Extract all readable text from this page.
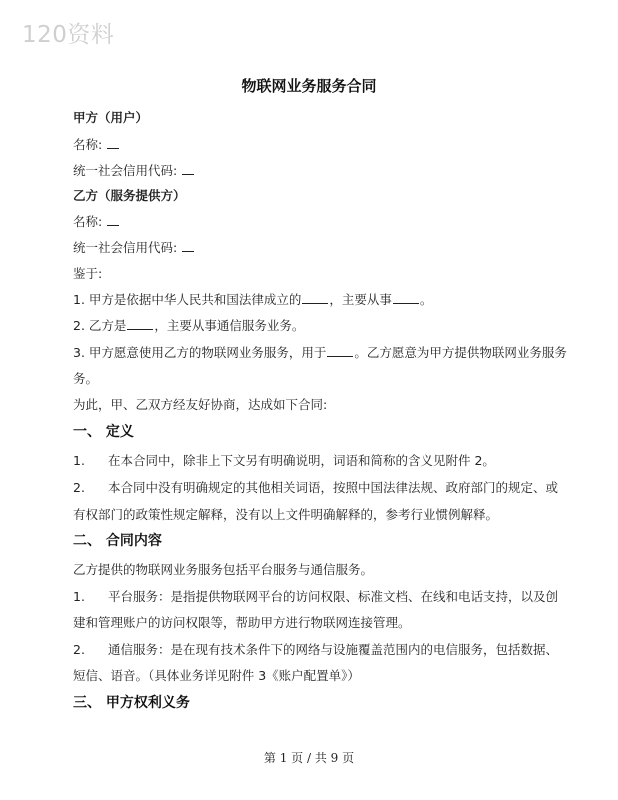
120资料
物联网业务服务合同
甲方（用户）
名称:
统一社会信用代码:
乙方（服务提供方）
名称:
统一社会信用代码:
鉴于:
1. 甲方是依据中华人民共和国法律成立的 ，主要从事 。
2. 乙方是 ，主要从事通信服务业务。
3. 甲方愿意使用乙方的物联网业务服务，用于 。乙方愿意为甲方提供物联网业务服务
务。
为此，甲、乙双方经友好协商，达成如下合同:
一、 定义
1. 在本合同中，除非上下文另有明确说明，词语和简称的含义见附件 2。
2. 本合同中没有明确规定的其他相关词语，按照中国法律法规、政府部门的规定、或
有权部门的政策性规定解释，没有以上文件明确解释的，参考行业惯例解释。
二、 合同内容
乙方提供的物联网业务服务包括平台服务与通信服务。
1. 平台服务：是指提供物联网平台的访问权限、标准文档、在线和电话支持，以及创
建和管理账户的访问权限等，帮助甲方进行物联网连接管理。
2. 通信服务：是在现有技术条件下的网络与设施覆盖范围内的电信服务，包括数据、
短信、语音。（具体业务详见附件 3《账户配置单》）
三、 甲方权利义务
第 1 页 / 共 9 页
